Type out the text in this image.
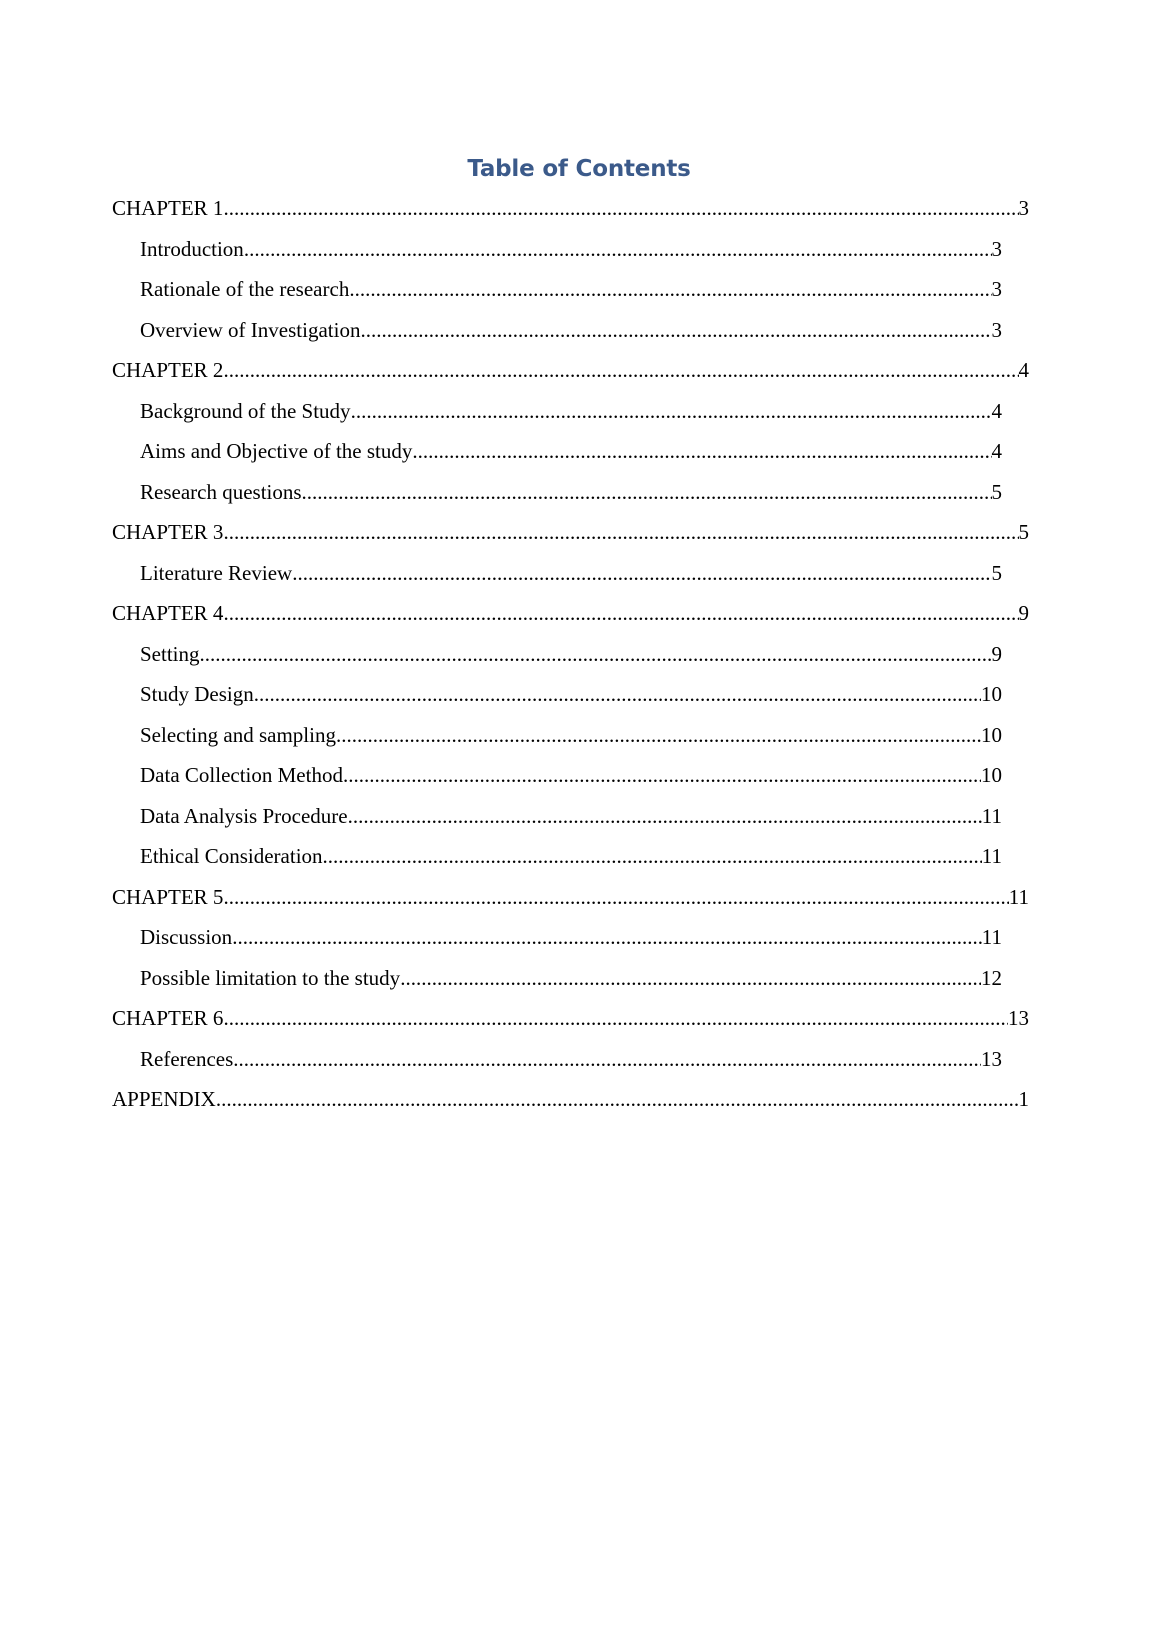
Table of Contents
CHAPTER 1 .....	3
Introduction .....	3
Rationale of the research .....	3
Overview of Investigation .....	3
CHAPTER 2 .....	4
Background of the Study .....	4
Aims and Objective of the study .....	4
Research questions .....	5
CHAPTER 3 .....	5
Literature Review .....	5
CHAPTER 4 .....	9
Setting .....	9
Study Design .....	10
Selecting and sampling .....	10
Data Collection Method .....	10
Data Analysis Procedure .....	11
Ethical Consideration .....	11
CHAPTER 5 .....	11
Discussion .....	11
Possible limitation to the study .....	12
CHAPTER 6 .....	13
References .....	13
APPENDIX .....	1
